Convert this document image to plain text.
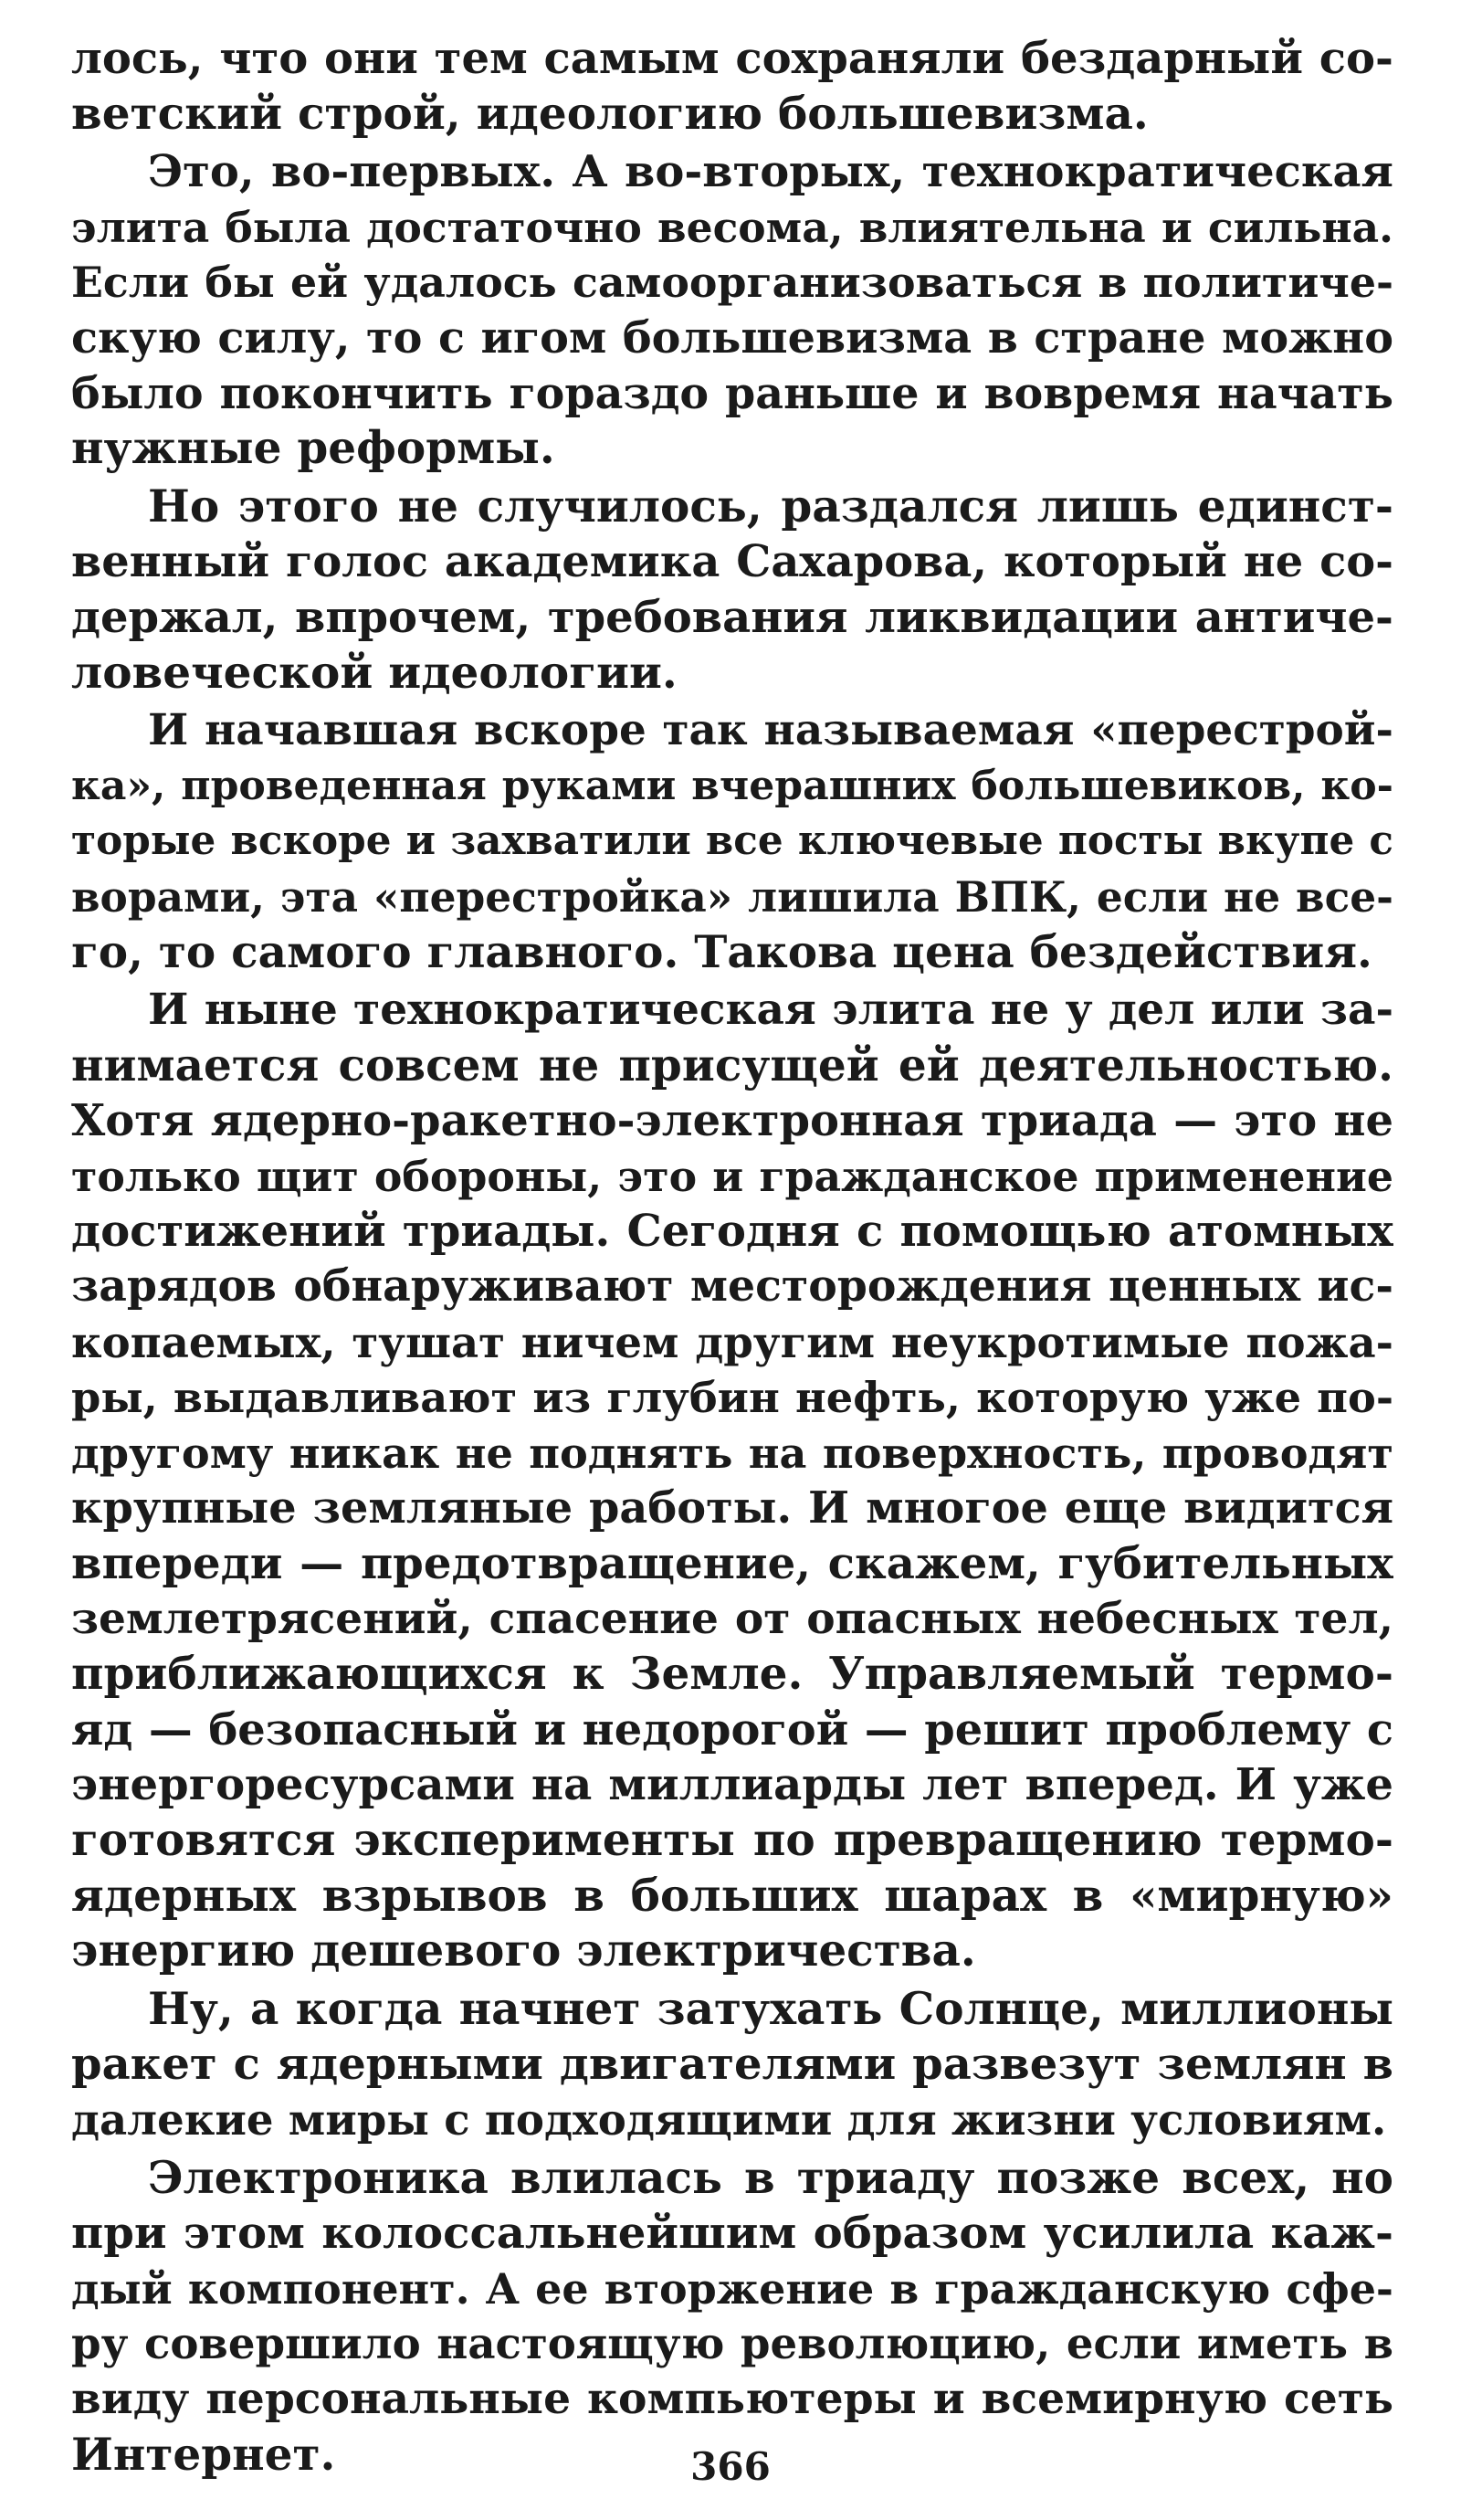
лось, что они тем самым сохраняли бездарный со-
ветский строй, идеологию большевизма.
Это, во-первых. А во-вторых, технократическая
элита была достаточно весома, влиятельна и сильна.
Если бы ей удалось самоорганизоваться в политиче-
скую силу, то с игом большевизма в стране можно
было покончить гораздо раньше и вовремя начать
нужные реформы.
Но этого не случилось, раздался лишь единст-
венный голос академика Сахарова, который не со-
держал, впрочем, требования ликвидации античе-
ловеческой идеологии.
И начавшая вскоре так называемая «перестрой-
ка», проведенная руками вчерашних большевиков, ко-
торые вскоре и захватили все ключевые посты вкупе с
ворами, эта «перестройка» лишила ВПК, если не все-
го, то самого главного. Такова цена бездействия.
И ныне технократическая элита не у дел или за-
нимается совсем не присущей ей деятельностью.
Хотя ядерно-ракетно-электронная триада — это не
только щит обороны, это и гражданское применение
достижений триады. Сегодня с помощью атомных
зарядов обнаруживают месторождения ценных ис-
копаемых, тушат ничем другим неукротимые пожа-
ры, выдавливают из глубин нефть, которую уже по-
другому никак не поднять на поверхность, проводят
крупные земляные работы. И многое еще видится
впереди — предотвращение, скажем, губительных
землетрясений, спасение от опасных небесных тел,
приближающихся к Земле. Управляемый термо-
яд — безопасный и недорогой — решит проблему с
энергоресурсами на миллиарды лет вперед. И уже
готовятся эксперименты по превращению термо-
ядерных взрывов в больших шарах в «мирную»
энергию дешевого электричества.
Ну, а когда начнет затухать Солнце, миллионы
ракет с ядерными двигателями развезут землян в
далекие миры с подходящими для жизни условиям.
Электроника влилась в триаду позже всех, но
при этом колоссальнейшим образом усилила каж-
дый компонент. А ее вторжение в гражданскую сфе-
ру совершило настоящую революцию, если иметь в
виду персональные компьютеры и всемирную сеть
Интернет.	366
